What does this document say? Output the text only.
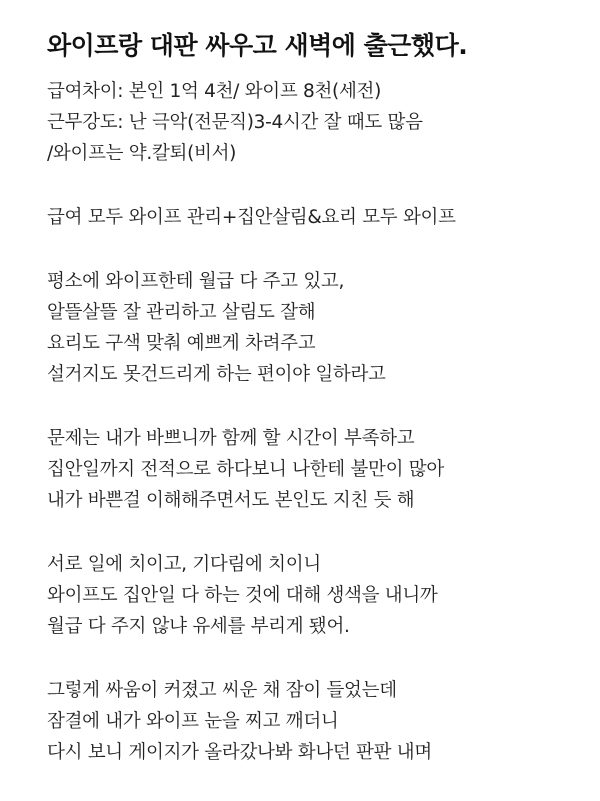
와이프랑 대판 싸우고 새벽에 출근했다.

급여차이: 본인 1억 4천/ 와이프 8천(세전)
근무강도: 난 극악(전문직)3-4시간 잘 때도 많음
/와이프는 약.칼퇴(비서)

급여 모두 와이프 관리+집안살림&요리 모두 와이프

평소에 와이프한테 월급 다 주고 있고,
알뜰살뜰 잘 관리하고 살림도 잘해
요리도 구색 맞춰 예쁘게 차려주고
설거지도 못건드리게 하는 편이야 일하라고

문제는 내가 바쁘니까 함께 할 시간이 부족하고
집안일까지 전적으로 하다보니 나한테 불만이 많아
내가 바쁜걸 이해해주면서도 본인도 지친 듯 해

서로 일에 치이고, 기다림에 치이니
와이프도 집안일 다 하는 것에 대해 생색을 내니까
월급 다 주지 않냐 유세를 부리게 됐어.

그렇게 싸움이 커졌고 씨운 채 잠이 들었는데
잠결에 내가 와이프 눈을 찌고 깨더니
다시 보니 게이지가 올라갔나봐 화나던 판판 내며
